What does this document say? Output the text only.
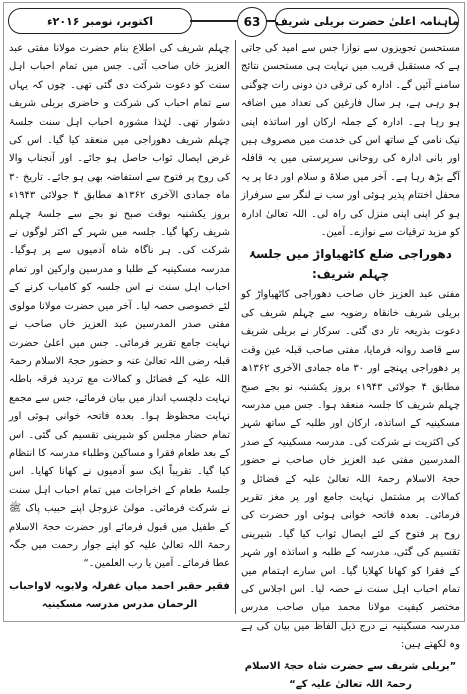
اکتوبر، نومبر ۲۰۱۶ء	63	ماہنامہ اعلیٰ حضرت بریلی شریف

مستحسن تجویزوں سے نوازا جس سے امید کی جاتی ہے کہ مستقبل قریب میں نہایت ہی مستحسن نتائج سامنے آئیں گے۔ ادارہ کی ترقی دن دونی رات چوگنی ہو رہی ہے، ہر سال فارغین کی تعداد میں اضافہ ہو رہا ہے۔ ادارہ کے جملہ ارکان اور اساتذہ اپنی نیک نامی کے ساتھ اس کی خدمت میں مصروف ہیں اور بانی ادارہ کی روحانی سرپرستی میں یہ قافلہ آگے بڑھ رہا ہے۔ آخر میں صلاۃ و سلام اور دعا پر یہ محفل اختتام پذیر ہوئی اور سب نے لنگر سے سرفراز ہو کر اپنی اپنی منزل کی راہ لی۔ اللہ تعالیٰ ادارہ کو مزید ترقیات سے نوازے۔ آمین۔

دھوراجی ضلع کاٹھیاواڑ میں جلسۂ چہلم شریف:

مفتی عبد العزیز خاں صاحب دھوراجی کاٹھیاواڑ کو بریلی شریف خانقاہ رضویہ سے چہلم شریف کی دعوت بذریعہ تار دی گئی۔ سرکار نے بریلی شریف سے قاصد روانہ فرمایا، مفتی صاحب قبلہ عین وقت پر دھوراجی پہنچے اور ۳۰ ماہ جمادی الآخری ۱۳۶۲ھ مطابق ۴ جولائی ۱۹۴۳ء بروز یکشنبہ نو بجے صبح چہلم شریف کا جلسہ منعقد ہوا۔ جس میں مدرسہ مسکینیہ کے اساتذہ، ارکان اور طلبہ کے ساتھ شہر کی اکثریت نے شرکت کی۔ مدرسہ مسکینیہ کے صدر المدرسین مفتی عبد العزیز خاں صاحب نے حضور حجۃ الاسلام رحمۃ اللہ تعالیٰ علیہ کے فضائل و کمالات پر مشتمل نہایت جامع اور پر مغز تقریر فرمائی۔ بعدہ فاتحہ خوانی ہوئی اور حضرت کی روح پر فتوح کے لئے ایصال ثواب کیا گیا۔ شیرینی تقسیم کی گئی، مدرسہ کے طلبہ و اساتذہ اور شہر کے فقرا کو کھانا کھلایا گیا۔ اس سارے اہتمام میں تمام احباب اہل سنت نے حصہ لیا۔ اس اجلاس کی مختصر کیفیت مولانا محمد میاں صاحب مدرس مدرسہ مسکینیہ نے درج ذیل الفاظ میں بیان کی ہے وہ لکھتے ہیں:

”بریلی شریف سے حضرت شاہ حجۃ الاسلام رحمۃ اللہ تعالیٰ علیہ کے“

چہلم شریف کی اطلاع بنام حضرت مولانا مفتی عبد العزیز خاں صاحب آئی۔ جس میں تمام احباب اہل سنت کو دعوت شرکت دی گئی تھی۔ چوں کہ یہاں سے تمام احباب کی شرکت و حاضری بریلی شریف دشوار تھی۔ لہٰذا مشورہ احباب اہل سنت جلسۂ چہلم شریف دھوراجی میں منعقد کیا گیا۔ اس کی غرض ایصال ثواب حاصل ہو جائے۔ اور آنجناب والا کی روح پر فتوح سے استفاضہ بھی ہو جائے۔ تاریخ ۳۰ ماہ جمادی الآخری ۱۳۶۲ھ مطابق ۴ جولائی ۱۹۴۳ء بروز یکشنبہ بوقت صبح نو بجے سے جلسۂ چہلم شریف رکھا گیا۔ جلسہ میں شہر کے اکثر لوگوں نے شرکت کی۔ ہر ناگاہ شاہ آدمیوں سے پر ہوگیا۔ مدرسہ مسکینیہ کے طلبا و مدرسین وارکین اور تمام احباب اہل سنت نے اس جلسہ کو کامیاب کرنے کے لئے خصوصی حصہ لیا۔ آخر میں حضرت مولانا مولوی مفتی صدر المدرسین عبد العزیز خاں صاحب نے نہایت جامع تقریر فرمائی۔ جس میں اعلیٰ حضرت قبلہ رضی اللہ تعالیٰ عنہ و حضور حجۃ الاسلام رحمۃ اللہ علیہ کے فضائل و کمالات مع تردید فرقہ باطلہ نہایت دلچسپ انداز میں بیان فرمائے، جس سے مجمع نہایت محظوظ ہوا۔ بعدہ فاتحہ خوانی ہوئی اور تمام حضار مجلس کو شیرینی تقسیم کی گئی۔ اس کے بعد طعام فقرا و مساکین وطلباء مدرسہ کا انتظام کیا گیا۔ تقریباً ایک سو آدمیوں نے کھانا کھایا۔ اس جلسۂ طعام کے اخراجات میں تمام احباب اہل سنت نے شرکت فرمائی۔ مولیٰ عزوجل اپنے حبیب پاک ﷺ کے طفیل میں قبول فرمائے اور حضرت حجۃ الاسلام رحمۃ اللہ تعالیٰ علیہ کو اپنے جوار رحمت میں جگہ عطا فرمائے۔ آمین یا رب العلمین۔“

فقیر حقیر احمد میاں غفرلہ ولابویہ لاواحباب الرحمان مدرس مدرسہ مسکینیہ
